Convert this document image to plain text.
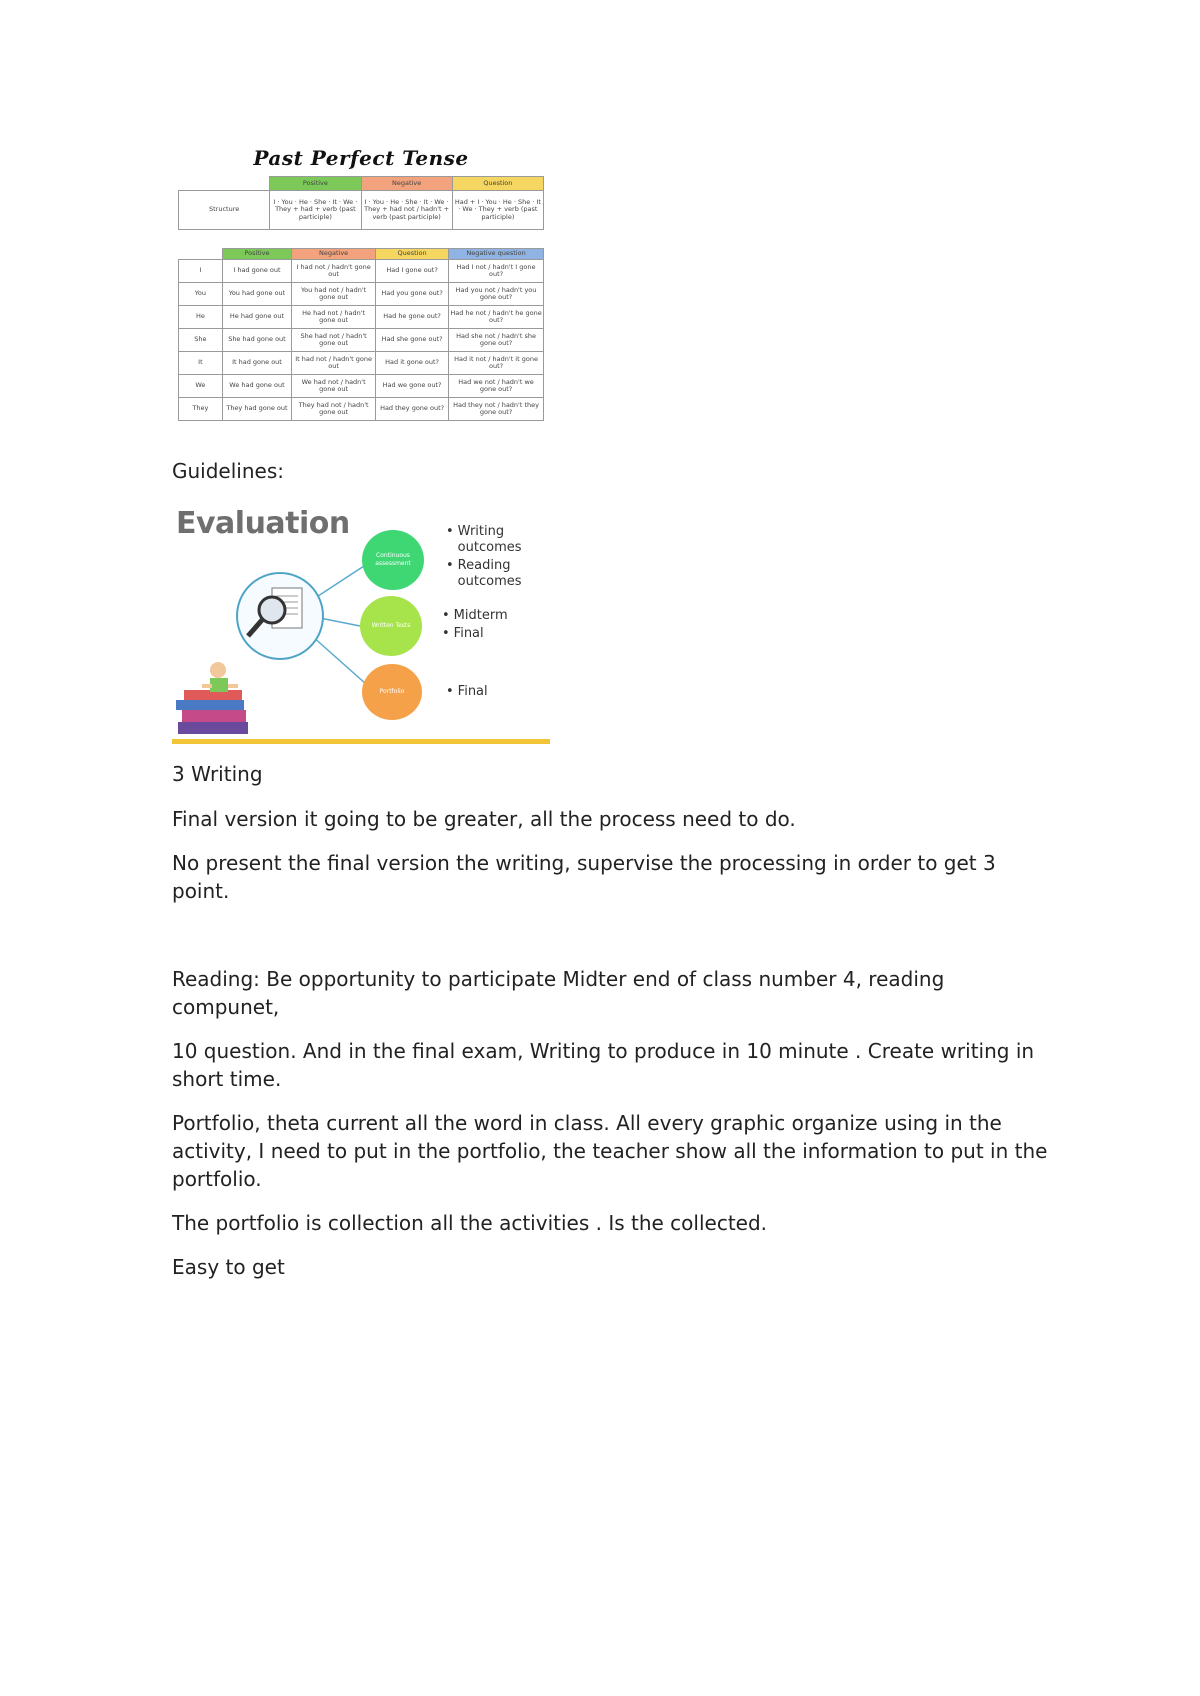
Past Perfect Tense
	Positive	Negative	Question
Structure	I · You · He · She · It · We · They + had + verb (past participle)	I · You · He · She · It · We · They + had not / hadn't + verb (past participle)	Had + I · You · He · She · It · We · They + verb (past participle)
	Positive	Negative	Question	Negative question
I	I had gone out	I had not / hadn't gone out	Had I gone out?	Had I not / hadn't I gone out?
You	You had gone out	You had not / hadn't gone out	Had you gone out?	Had you not / hadn't you gone out?
He	He had gone out	He had not / hadn't gone out	Had he gone out?	Had he not / hadn't he gone out?
She	She had gone out	She had not / hadn't gone out	Had she gone out?	Had she not / hadn't she gone out?
It	It had gone out	It had not / hadn't gone out	Had it gone out?	Had it not / hadn't it gone out?
We	We had gone out	We had not / hadn't gone out	Had we gone out?	Had we not / hadn't we gone out?
They	They had gone out	They had not / hadn't gone out	Had they gone out?	Had they not / hadn't they gone out?

Guidelines:

Evaluation
Continuous assessment
Written Tests
Portfolio
• Writing outcomes
• Reading outcomes
• Midterm
• Final
• Final

3 Writing

Final version it going to be greater, all the process need to do.

No present the final version the writing, supervise the processing in order to get 3 point.

Reading: Be opportunity to participate Midter end of class number 4, reading compunet,

10 question. And in the final exam, Writing to produce in 10 minute . Create writing in short time.

Portfolio, theta current all the word in class. All every graphic organize using in the activity, I need to put in the portfolio, the teacher show all the information to put in the portfolio.

The portfolio is collection all the activities . Is the collected.

Easy to get
